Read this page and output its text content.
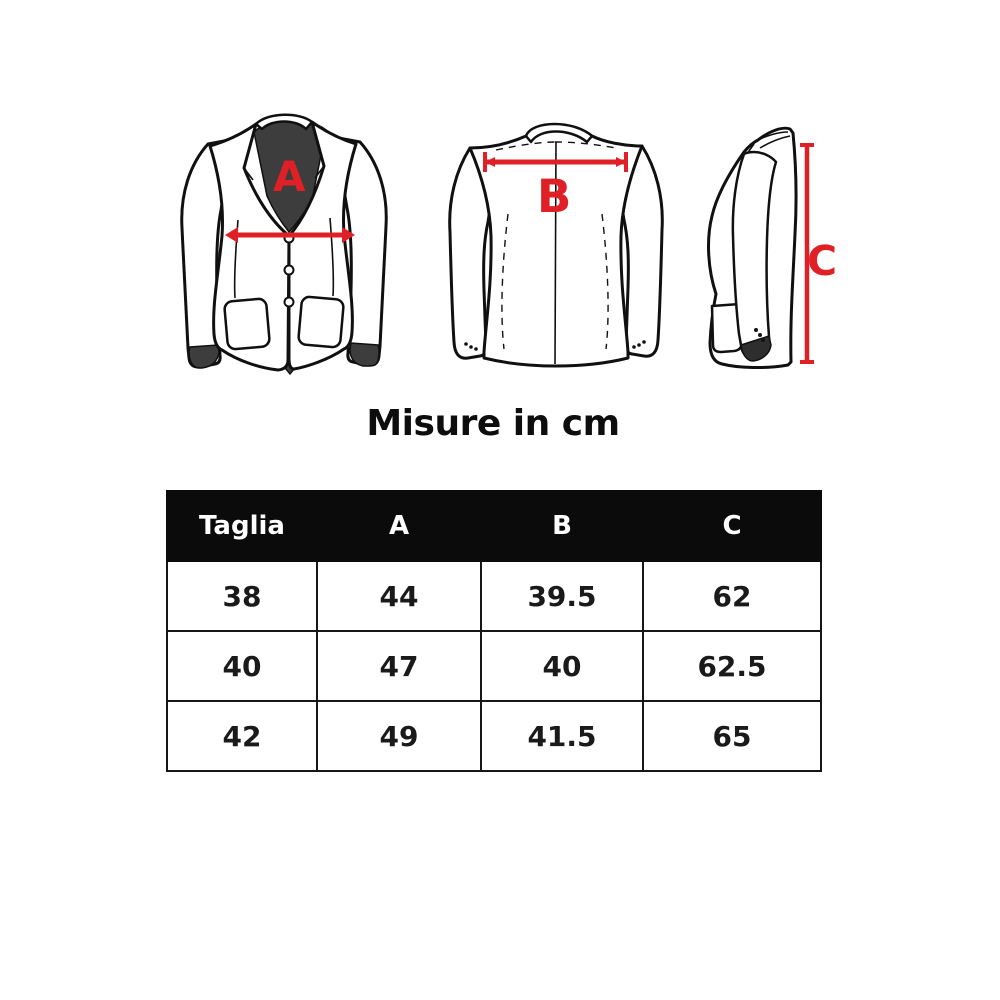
A	B
C
Misure in cm
Taglia	A	B	C
38	44	39.5	62
40	47	40	62.5
42	49	41.5	65
